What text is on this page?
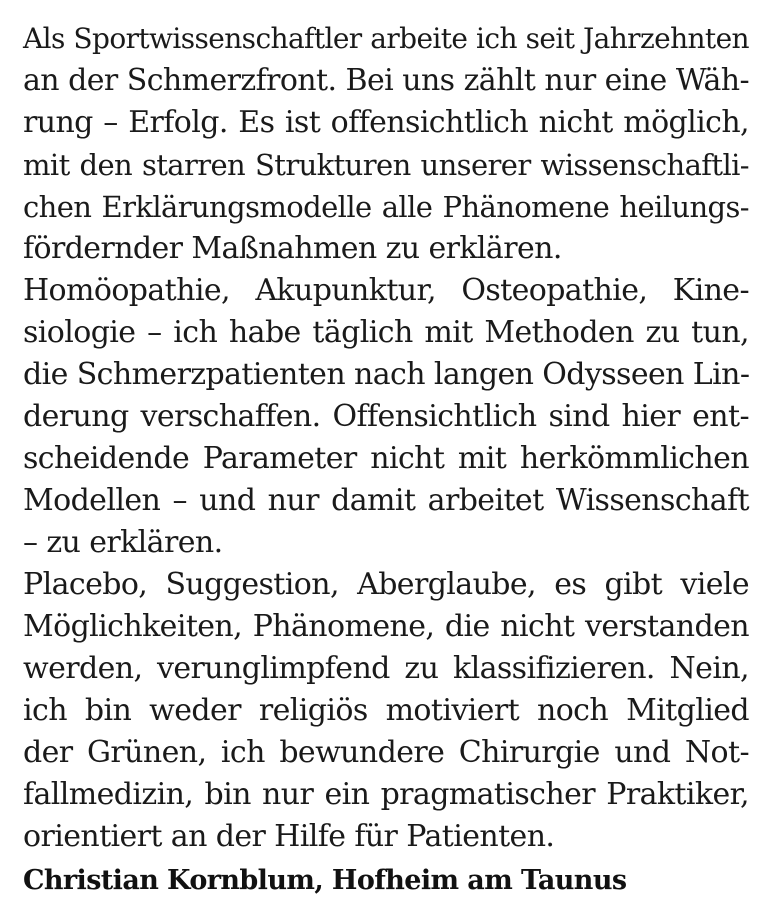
Als Sportwissenschaftler arbeite ich seit Jahrzehnten
an der Schmerzfront. Bei uns zählt nur eine Wäh-
rung – Erfolg. Es ist offensichtlich nicht möglich,
mit den starren Strukturen unserer wissenschaftli-
chen Erklärungsmodelle alle Phänomene heilungs-
fördernder Maßnahmen zu erklären.
Homöopathie, Akupunktur, Osteopathie, Kine-
siologie – ich habe täglich mit Methoden zu tun,
die Schmerzpatienten nach langen Odysseen Lin-
derung verschaffen. Offensichtlich sind hier ent-
scheidende Parameter nicht mit herkömmlichen
Modellen – und nur damit arbeitet Wissenschaft
– zu erklären.
Placebo, Suggestion, Aberglaube, es gibt viele
Möglichkeiten, Phänomene, die nicht verstanden
werden, verunglimpfend zu klassifizieren. Nein,
ich bin weder religiös motiviert noch Mitglied
der Grünen, ich bewundere Chirurgie und Not-
fallmedizin, bin nur ein pragmatischer Praktiker,
orientiert an der Hilfe für Patienten.
Christian Kornblum, Hofheim am Taunus
